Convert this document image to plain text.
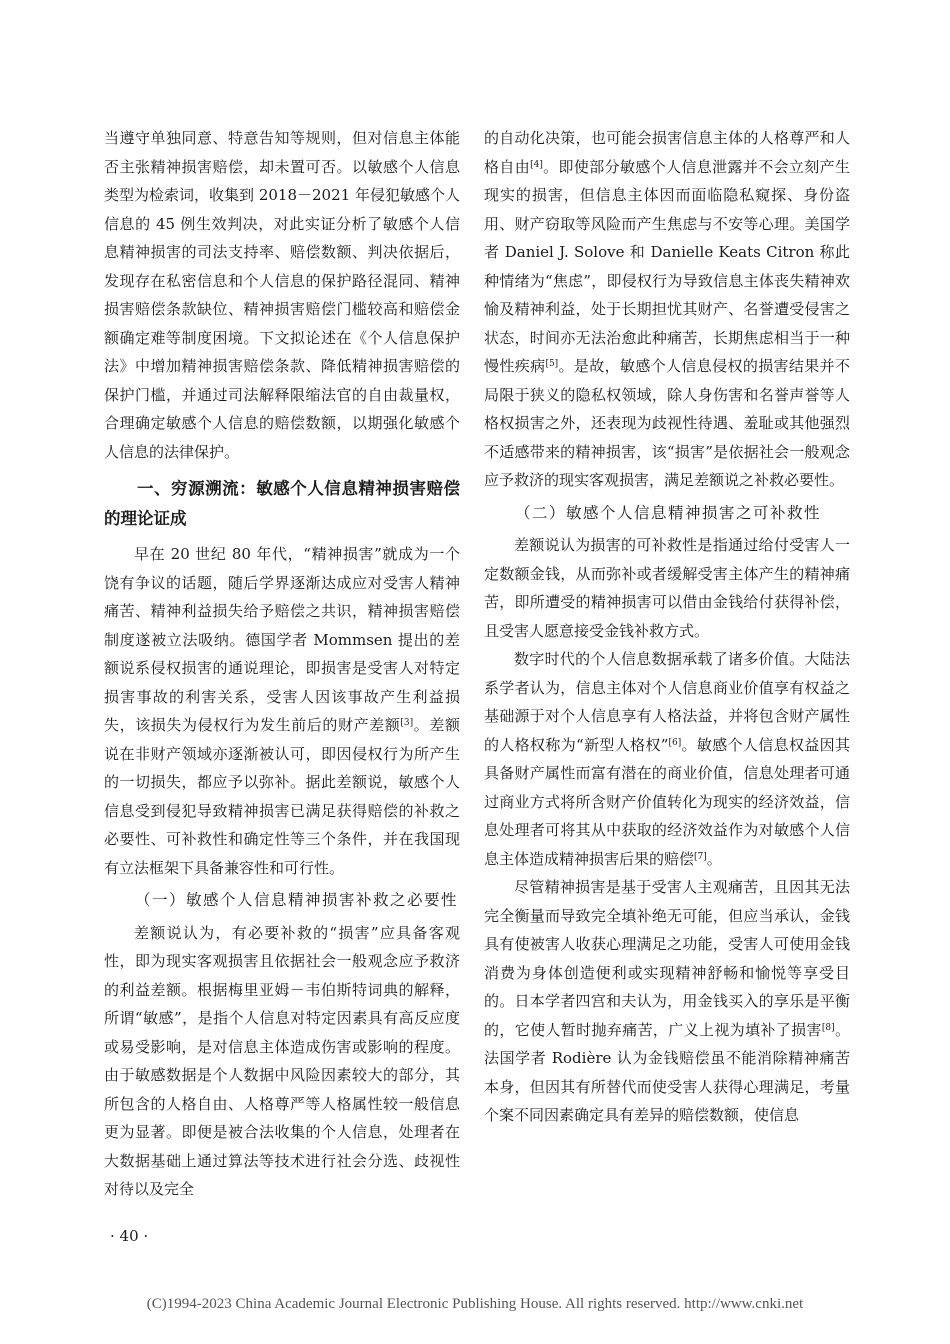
当遵守单独同意、特意告知等规则，但对信息主体能否主张精神损害赔偿，却未置可否。以敏感个人信息类型为检索词，收集到 2018－2021 年侵犯敏感个人信息的 45 例生效判决，对此实证分析了敏感个人信息精神损害的司法支持率、赔偿数额、判决依据后，发现存在私密信息和个人信息的保护路径混同、精神损害赔偿条款缺位、精神损害赔偿门槛较高和赔偿金额确定难等制度困境。下文拟论述在《个人信息保护法》中增加精神损害赔偿条款、降低精神损害赔偿的保护门槛，并通过司法解释限缩法官的自由裁量权，合理确定敏感个人信息的赔偿数额，以期强化敏感个人信息的法律保护。

一、穷源溯流：敏感个人信息精神损害赔偿的理论证成

早在 20 世纪 80 年代，“精神损害”就成为一个饶有争议的话题，随后学界逐渐达成应对受害人精神痛苦、精神利益损失给予赔偿之共识，精神损害赔偿制度遂被立法吸纳。德国学者 Mommsen 提出的差额说系侵权损害的通说理论，即损害是受害人对特定损害事故的利害关系，受害人因该事故产生利益损失，该损失为侵权行为发生前后的财产差额[3]。差额说在非财产领域亦逐渐被认可，即因侵权行为所产生的一切损失，都应予以弥补。据此差额说，敏感个人信息受到侵犯导致精神损害已满足获得赔偿的补救之必要性、可补救性和确定性等三个条件，并在我国现有立法框架下具备兼容性和可行性。

（一）敏感个人信息精神损害补救之必要性

差额说认为，有必要补救的“损害”应具备客观性，即为现实客观损害且依据社会一般观念应予救济的利益差额。根据梅里亚姆－韦伯斯特词典的解释，所谓“敏感”，是指个人信息对特定因素具有高反应度或易受影响，是对信息主体造成伤害或影响的程度。由于敏感数据是个人数据中风险因素较大的部分，其所包含的人格自由、人格尊严等人格属性较一般信息更为显著。即便是被合法收集的个人信息，处理者在大数据基础上通过算法等技术进行社会分选、歧视性对待以及完全

的自动化决策，也可能会损害信息主体的人格尊严和人格自由[4]。即使部分敏感个人信息泄露并不会立刻产生现实的损害，但信息主体因而面临隐私窥探、身份盗用、财产窃取等风险而产生焦虑与不安等心理。美国学者 Daniel J. Solove 和 Danielle Keats Citron 称此种情绪为“焦虑”，即侵权行为导致信息主体丧失精神欢愉及精神利益，处于长期担忧其财产、名誉遭受侵害之状态，时间亦无法治愈此种痛苦，长期焦虑相当于一种慢性疾病[5]。是故，敏感个人信息侵权的损害结果并不局限于狭义的隐私权领域，除人身伤害和名誉声誉等人格权损害之外，还表现为歧视性待遇、羞耻或其他强烈不适感带来的精神损害，该“损害”是依据社会一般观念应予救济的现实客观损害，满足差额说之补救必要性。

（二）敏感个人信息精神损害之可补救性

差额说认为损害的可补救性是指通过给付受害人一定数额金钱，从而弥补或者缓解受害主体产生的精神痛苦，即所遭受的精神损害可以借由金钱给付获得补偿，且受害人愿意接受金钱补救方式。

数字时代的个人信息数据承载了诸多价值。大陆法系学者认为，信息主体对个人信息商业价值享有权益之基础源于对个人信息享有人格法益，并将包含财产属性的人格权称为“新型人格权”[6]。敏感个人信息权益因其具备财产属性而富有潜在的商业价值，信息处理者可通过商业方式将所含财产价值转化为现实的经济效益，信息处理者可将其从中获取的经济效益作为对敏感个人信息主体造成精神损害后果的赔偿[7]。

尽管精神损害是基于受害人主观痛苦，且因其无法完全衡量而导致完全填补绝无可能，但应当承认，金钱具有使被害人收获心理满足之功能，受害人可使用金钱消费为身体创造便利或实现精神舒畅和愉悦等享受目的。日本学者四宫和夫认为，用金钱买入的享乐是平衡的，它使人暂时抛弃痛苦，广义上视为填补了损害[8]。法国学者 Rodière 认为金钱赔偿虽不能消除精神痛苦本身，但因其有所替代而使受害人获得心理满足，考量个案不同因素确定具有差异的赔偿数额，使信息

· 40 ·
(C)1994-2023 China Academic Journal Electronic Publishing House. All rights reserved. http://www.cnki.net
